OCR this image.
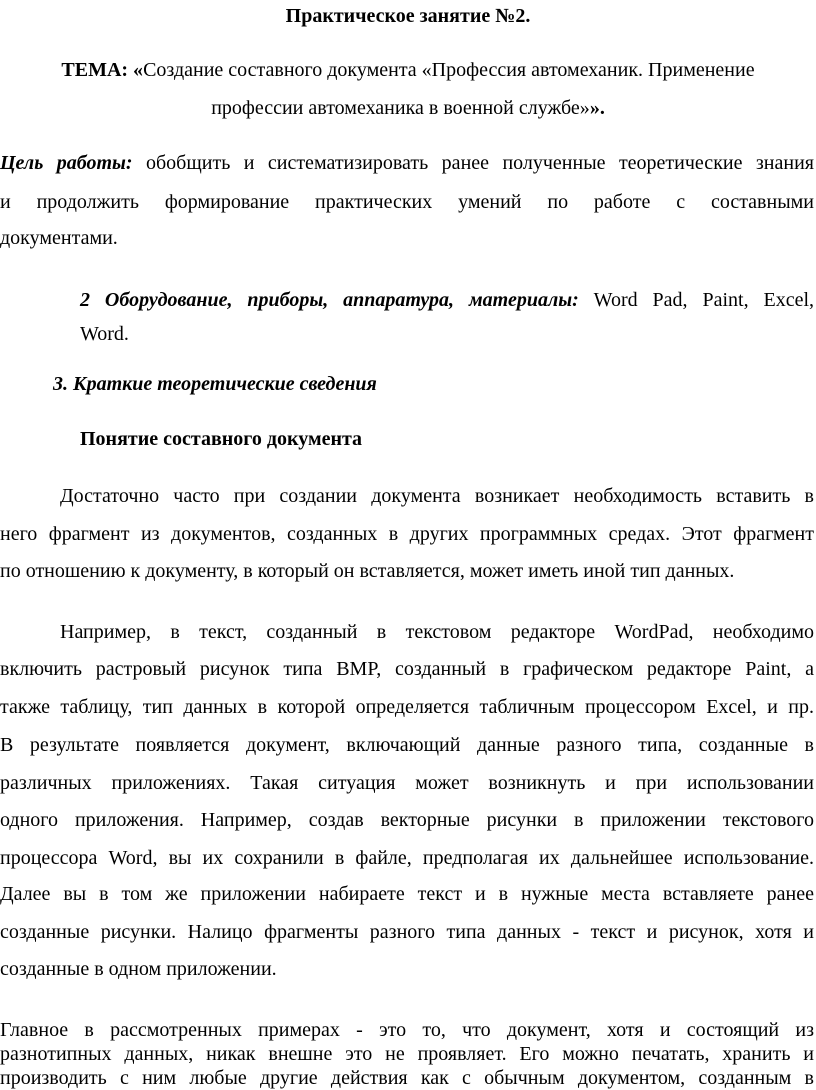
Практическое занятие №2.
ТЕМА: «Создание составного документа «Профессия автомеханик. Применение
профессии автомеханика в военной службе»».
Цель работы: обобщить и систематизировать ранее полученные теоретические знания
и продолжить формирование практических умений по работе с составными
документами.
2 Оборудование, приборы, аппаратура, материалы: Word Pad, Paint, Excel,
Word.
3. Краткие теоретические сведения
Понятие составного документа
Достаточно часто при создании документа возникает необходимость вставить в
него фрагмент из документов, созданных в других программных средах. Этот фрагмент
по отношению к документу, в который он вставляется, может иметь иной тип данных.
Например, в текст, созданный в текстовом редакторе WordPad, необходимо
включить растровый рисунок типа BMP, созданный в графическом редакторе Paint, а
также таблицу, тип данных в которой определяется табличным процессором Excel, и пр.
В результате появляется документ, включающий данные разного типа, созданные в
различных приложениях. Такая ситуация может возникнуть и при использовании
одного приложения. Например, создав векторные рисунки в приложении текстового
процессора Word, вы их сохранили в файле, предполагая их дальнейшее использование.
Далее вы в том же приложении набираете текст и в нужные места вставляете ранее
созданные рисунки. Налицо фрагменты разного типа данных - текст и рисунок, хотя и
созданные в одном приложении.
Главное в рассмотренных примерах - это то, что документ, хотя и состоящий из
разнотипных данных, никак внешне это не проявляет. Его можно печатать, хранить и
производить с ним любые другие действия как с обычным документом, созданным в
